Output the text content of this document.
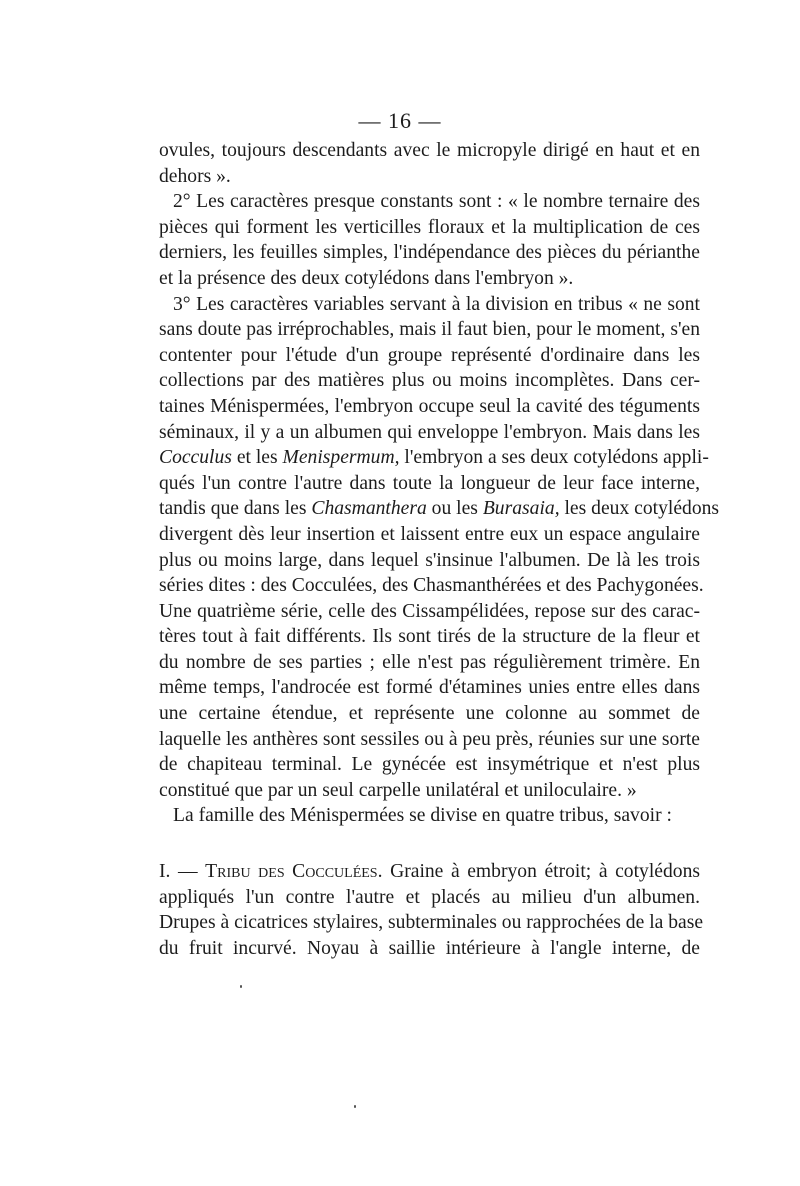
— 16 —

ovules, toujours descendants avec le micropyle dirigé en haut et en
dehors ».

2° Les caractères presque constants sont : « le nombre ternaire des
pièces qui forment les verticilles floraux et la multiplication de ces
derniers, les feuilles simples, l'indépendance des pièces du périanthe
et la présence des deux cotylédons dans l'embryon ».

3° Les caractères variables servant à la division en tribus « ne sont
sans doute pas irréprochables, mais il faut bien, pour le moment, s'en
contenter pour l'étude d'un groupe représenté d'ordinaire dans les
collections par des matières plus ou moins incomplètes. Dans cer-
taines Ménispermées, l'embryon occupe seul la cavité des téguments
séminaux, il y a un albumen qui enveloppe l'embryon. Mais dans les
Cocculus et les Menispermum, l'embryon a ses deux cotylédons appli-
qués l'un contre l'autre dans toute la longueur de leur face interne,
tandis que dans les Chasmanthera ou les Burasaia, les deux cotylédons
divergent dès leur insertion et laissent entre eux un espace angulaire
plus ou moins large, dans lequel s'insinue l'albumen. De là les trois
séries dites : des Cocculées, des Chasmanthérées et des Pachygonées.
Une quatrième série, celle des Cissampélidées, repose sur des carac-
tères tout à fait différents. Ils sont tirés de la structure de la fleur et
du nombre de ses parties ; elle n'est pas régulièrement trimère. En
même temps, l'androcée est formé d'étamines unies entre elles dans
une certaine étendue, et représente une colonne au sommet de
laquelle les anthères sont sessiles ou à peu près, réunies sur une sorte
de chapiteau terminal. Le gynécée est insymétrique et n'est plus
constitué que par un seul carpelle unilatéral et uniloculaire. »

La famille des Ménispermées se divise en quatre tribus, savoir :

I. — Tribu des Cocculées. Graine à embryon étroit; à cotylédons
appliqués l'un contre l'autre et placés au milieu d'un albumen.
Drupes à cicatrices stylaires, subterminales ou rapprochées de la base
du fruit incurvé. Noyau à saillie intérieure à l'angle interne, de
